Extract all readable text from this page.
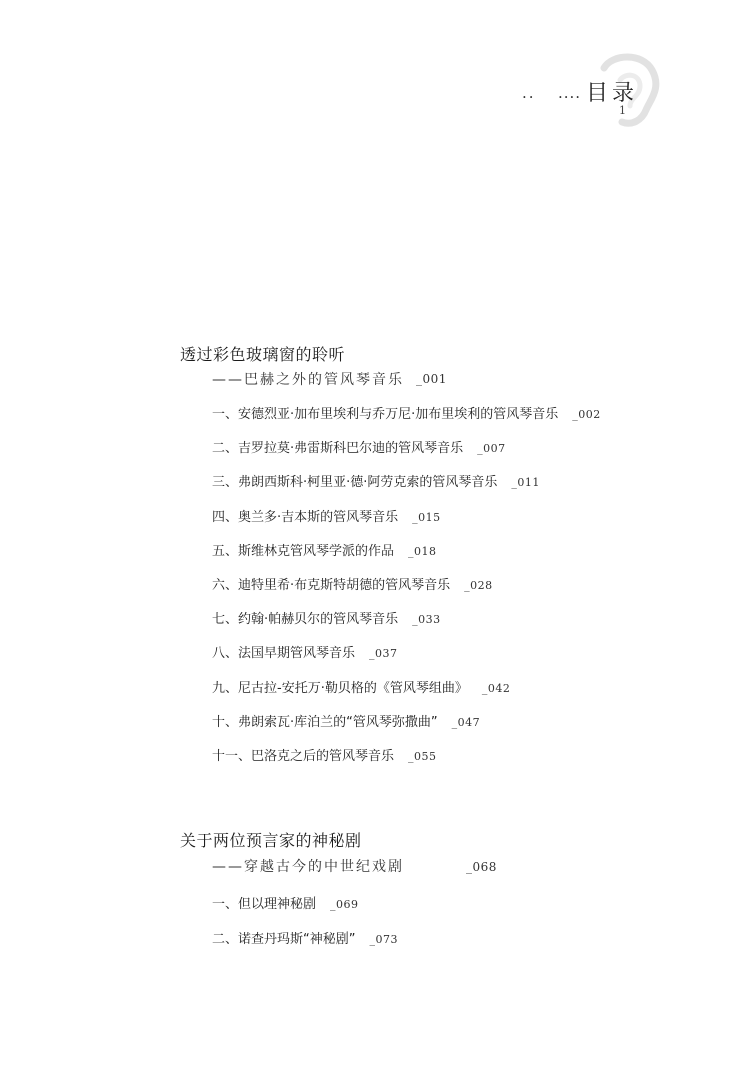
.. .... 目录
1
透过彩色玻璃窗的聆听
——巴赫之外的管风琴音乐 _001
一、安德烈亚·加布里埃利与乔万尼·加布里埃利的管风琴音乐 _002
二、吉罗拉莫·弗雷斯科巴尔迪的管风琴音乐 _007
三、弗朗西斯科·柯里亚·德·阿劳克索的管风琴音乐 _011
四、奥兰多·吉本斯的管风琴音乐 _015
五、斯维林克管风琴学派的作品 _018
六、迪特里希·布克斯特胡德的管风琴音乐 _028
七、约翰·帕赫贝尔的管风琴音乐 _033
八、法国早期管风琴音乐 _037
九、尼古拉-安托万·勒贝格的《管风琴组曲》 _042
十、弗朗索瓦·库泊兰的“管风琴弥撒曲” _047
十一、巴洛克之后的管风琴音乐 _055
关于两位预言家的神秘剧
——穿越古今的中世纪戏剧	_068
一、但以理神秘剧 _069
二、诺查丹玛斯“神秘剧” _073
